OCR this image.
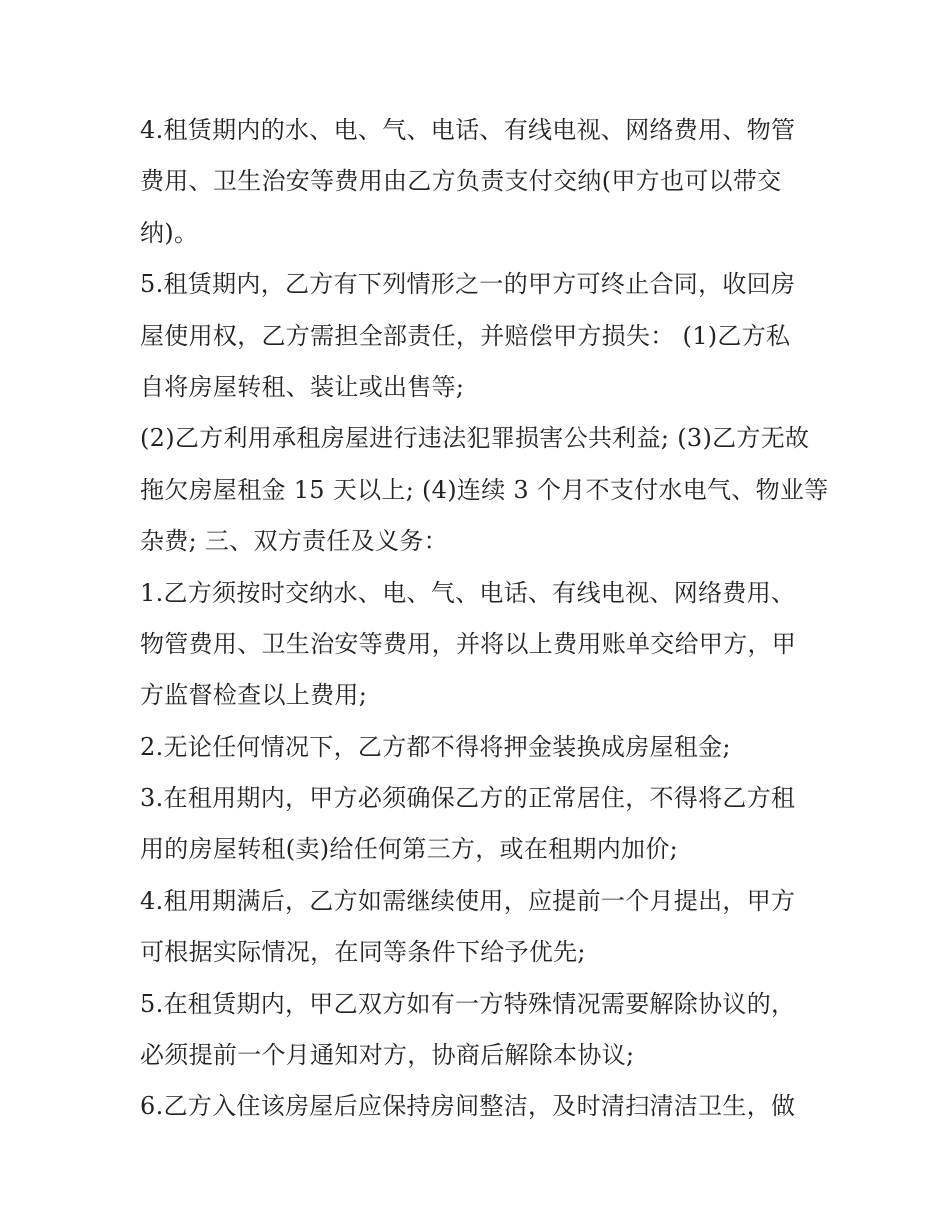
4.租赁期内的水、电、气、电话、有线电视、网络费用、物管
费用、卫生治安等费用由乙方负责支付交纳(甲方也可以带交
纳)。
5.租赁期内，乙方有下列情形之一的甲方可终止合同，收回房
屋使用权，乙方需担全部责任，并赔偿甲方损失： (1)乙方私
自将房屋转租、装让或出售等;
(2)乙方利用承租房屋进行违法犯罪损害公共利益; (3)乙方无故
拖欠房屋租金 15 天以上; (4)连续 3 个月不支付水电气、物业等
杂费; 三、双方责任及义务：
1.乙方须按时交纳水、电、气、电话、有线电视、网络费用、
物管费用、卫生治安等费用，并将以上费用账单交给甲方，甲
方监督检查以上费用;
2.无论任何情况下，乙方都不得将押金装换成房屋租金;
3.在租用期内，甲方必须确保乙方的正常居住，不得将乙方租
用的房屋转租(卖)给任何第三方，或在租期内加价;
4.租用期满后，乙方如需继续使用，应提前一个月提出，甲方
可根据实际情况，在同等条件下给予优先;
5.在租赁期内，甲乙双方如有一方特殊情况需要解除协议的，
必须提前一个月通知对方，协商后解除本协议;
6.乙方入住该房屋后应保持房间整洁，及时清扫清洁卫生，做
